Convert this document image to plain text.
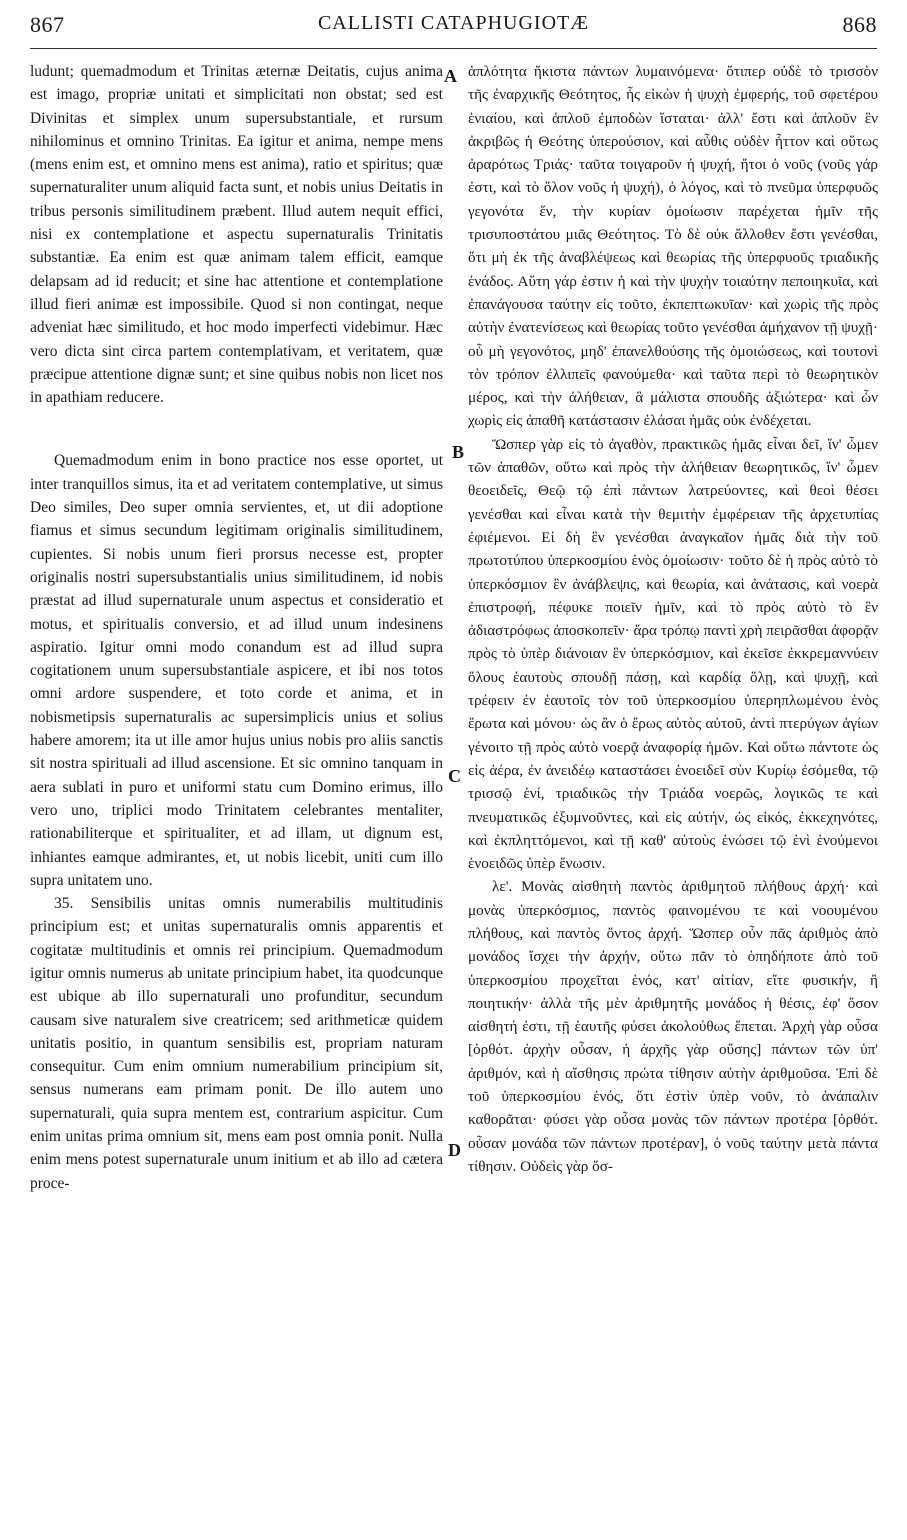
867	CALLISTI CATAPHUGIOTÆ	868

ludunt; quemadmodum et Trinitas æternæ Deitatis, cujus anima est imago, propriæ unitati et simplicitati non obstat; sed est Divinitas et simplex unum supersubstantiale, et rursum nihilominus et omnino Trinitas. Ea igitur et anima, nempe mens (mens enim est, et omnino mens est anima), ratio et spiritus; quæ supernaturaliter unum aliquid facta sunt, et nobis unius Deitatis in tribus personis similitudinem præbent. Illud autem nequit effici, nisi ex contemplatione et aspectu supernaturalis Trinitatis substantiæ. Ea enim est quæ animam talem efficit, eamque delapsam ad id reducit; et sine hac attentione et contemplatione illud fieri animæ est impossibile. Quod si non contingat, neque adveniat hæc similitudo, et hoc modo imperfecti videbimur. Hæc vero dicta sint circa partem contemplativam, et veritatem, quæ præcipue attentione dignæ sunt; et sine quibus nobis non licet nos in apathiam reducere.

Quemadmodum enim in bono practice nos esse oportet, ut inter tranquillos simus, ita et ad veritatem contemplative, ut simus Deo similes, Deo super omnia servientes, et, ut dii adoptione fiamus et simus secundum legitimam originalis similitudinem, cupientes. Si nobis unum fieri prorsus necesse est, propter originalis nostri supersubstantialis unius similitudinem, id nobis præstat ad illud supernaturale unum aspectus et consideratio et motus, et spiritualis conversio, et ad illud unum indesinens aspiratio. Igitur omni modo conandum est ad illud supra cogitationem unum supersubstantiale aspicere, et ibi nos totos omni ardore suspendere, et toto corde et anima, et in nobismetipsis supernaturalis ac supersimplicis unius et solius habere amorem; ita ut ille amor hujus unius nobis pro aliis sanctis sit nostra spirituali ad illud ascensione. Et sic omnino tanquam in aera sublati in puro et uniformi statu cum Domino erimus, illo vero uno, triplici modo Trinitatem celebrantes mentaliter, rationabiliterque et spiritualiter, et ad illam, ut dignum est, inhiantes eamque admirantes, et, ut nobis licebit, uniti cum illo supra unitatem uno.

35. Sensibilis unitas omnis numerabilis multitudinis principium est; et unitas supernaturalis omnis apparentis et cogitatæ multitudinis et omnis rei principium. Quemadmodum igitur omnis numerus ab unitate principium habet, ita quodcunque est ubique ab illo supernaturali uno profunditur, secundum causam sive naturalem sive creatricem; sed arithmeticæ quidem unitatis positio, in quantum sensibilis est, propriam naturam consequitur. Cum enim omnium numerabilium principium sit, sensus numerans eam primam ponit. De illo autem uno supernaturali, quia supra mentem est, contrarium aspicitur. Cum enim unitas prima omnium sit, mens eam post omnia ponit. Nulla enim mens potest supernaturale unum initium et ab illo ad cætera proce-

A
B
C
D

ἁπλότητα ἥκιστα πάντων λυμαινόμενα· ὅτιπερ οὐδὲ τὸ τρισσὸν τῆς ἐναρχικῆς Θεότητος, ἧς εἰκὼν ἡ ψυχὴ ἐμφερής, τοῦ σφετέρου ἑνιαίου, καὶ ἁπλοῦ ἐμποδὼν ἵσταται· ἀλλ' ἔστι καὶ ἁπλοῦν ἓν ἀκριβῶς ἡ Θεότης ὑπερούσιον, καὶ αὖθις οὐδὲν ἧττον καὶ οὕτως ἀραρότως Τριάς· ταῦτα τοιγαροῦν ἡ ψυχή, ἤτοι ὁ νοῦς (νοῦς γάρ ἐστι, καὶ τὸ ὅλον νοῦς ἡ ψυχή), ὁ λόγος, καὶ τὸ πνεῦμα ὑπερφυῶς γεγονότα ἕν, τὴν κυρίαν ὁμοίωσιν παρέχεται ἡμῖν τῆς τρισυποστάτου μιᾶς Θεότητος. Τὸ δὲ οὐκ ἄλλοθεν ἔστι γενέσθαι, ὅτι μὴ ἐκ τῆς ἀναβλέψεως καὶ θεωρίας τῆς ὑπερφυοῦς τριαδικῆς ἑνάδος. Αὕτη γάρ ἐστιν ἡ καὶ τὴν ψυχὴν τοιαύτην πεποιηκυῖα, καὶ ἐπανάγουσα ταύτην εἰς τοῦτο, ἐκπεπτωκυῖαν· καὶ χωρὶς τῆς πρὸς αὐτὴν ἐνατενίσεως καὶ θεωρίας τοῦτο γενέσθαι ἀμήχανον τῇ ψυχῇ· οὗ μὴ γεγονότος, μηδ' ἐπανελθούσης τῆς ὁμοιώσεως, καὶ τουτονὶ τὸν τρόπον ἐλλιπεῖς φανούμεθα· καὶ ταῦτα περὶ τὸ θεωρητικὸν μέρος, καὶ τὴν ἀλήθειαν, ἃ μάλιστα σπουδῆς ἀξιώτερα· καὶ ὧν χωρὶς εἰς ἀπαθῆ κατάστασιν ἐλάσαι ἡμᾶς οὐκ ἐνδέχεται.

Ὥσπερ γὰρ εἰς τὸ ἀγαθὸν, πρακτικῶς ἡμᾶς εἶναι δεῖ, ἵν' ὦμεν τῶν ἀπαθῶν, οὕτω καὶ πρὸς τὴν ἀλήθειαν θεωρητικῶς, ἵν' ὦμεν θεοειδεῖς, Θεῷ τῷ ἐπὶ πάντων λατρεύοντες, καὶ θεοὶ θέσει γενέσθαι καὶ εἶναι κατὰ τὴν θεμιτὴν ἐμφέρειαν τῆς ἀρχετυπίας ἐφιέμενοι. Εἰ δὴ ἓν γενέσθαι ἀναγκαῖον ἡμᾶς διὰ τὴν τοῦ πρωτοτύπου ὑπερκοσμίου ἑνὸς ὁμοίωσιν· τοῦτο δὲ ἡ πρὸς αὐτὸ τὸ ὑπερκόσμιον ἓν ἀνάβλεψις, καὶ θεωρία, καὶ ἀνάτασις, καὶ νοερὰ ἐπιστροφή, πέφυκε ποιεῖν ἡμῖν, καὶ τὸ πρὸς αὐτὸ τὸ ἓν ἀδιαστρόφως ἀποσκοπεῖν· ἄρα τρόπῳ παντὶ χρὴ πειρᾶσθαι ἀφορᾷν πρὸς τὸ ὑπὲρ διάνοιαν ἓν ὑπερκόσμιον, καὶ ἐκεῖσε ἐκκρεμαννύειν ὅλους ἑαυτοὺς σπουδῇ πάσῃ, καὶ καρδίᾳ ὅλῃ, καὶ ψυχῇ, καὶ τρέφειν ἐν ἑαυτοῖς τὸν τοῦ ὑπερκοσμίου ὑπερηπλωμένου ἑνὸς ἔρωτα καὶ μόνου· ὡς ἂν ὁ ἔρως αὐτὸς αὐτοῦ, ἀντὶ πτερύγων ἁγίων γένοιτο τῇ πρὸς αὐτὸ νοερᾷ ἀναφορίᾳ ἡμῶν. Καὶ οὕτω πάντοτε ὡς εἰς ἀέρα, ἐν ἀνειδέῳ καταστάσει ἑνοειδεῖ σὺν Κυρίῳ ἐσόμεθα, τῷ τρισσῷ ἑνί, τριαδικῶς τὴν Τριάδα νοερῶς, λογικῶς τε καὶ πνευματικῶς ἐξυμνοῦντες, καὶ εἰς αὐτήν, ὡς εἰκός, ἐκκεχηνότες, καὶ ἐκπληττόμενοι, καὶ τῇ καθ' αὐτοὺς ἑνώσει τῷ ἑνὶ ἑνούμενοι ἑνοειδῶς ὑπὲρ ἕνωσιν.

λε'. Μονὰς αἰσθητὴ παντὸς ἀριθμητοῦ πλήθους ἀρχή· καὶ μονὰς ὑπερκόσμιος, παντὸς φαινομένου τε καὶ νοουμένου πλήθους, καὶ παντὸς ὄντος ἀρχή. Ὥσπερ οὖν πᾶς ἀριθμὸς ἀπὸ μονάδος ἴσχει τὴν ἀρχήν, οὕτω πᾶν τὸ ὁπηδήποτε ἀπὸ τοῦ ὑπερκοσμίου προχεῖται ἑνός, κατ' αἰτίαν, εἴτε φυσικήν, ἢ ποιητικήν· ἀλλὰ τῆς μὲν ἀριθμητῆς μονάδος ἡ θέσις, ἐφ' ὅσον αἰσθητή ἐστι, τῇ ἑαυτῆς φύσει ἀκολούθως ἕπεται. Ἀρχὴ γὰρ οὖσα [ὀρθότ. ἀρχὴν οὖσαν, ἡ ἀρχῆς γὰρ οὔσης] πάντων τῶν ὑπ' ἀριθμόν, καὶ ἡ αἴσθησις πρώτα τίθησιν αὐτὴν ἀριθμοῦσα. Ἐπὶ δὲ τοῦ ὑπερκοσμίου ἑνός, ὅτι ἐστὶν ὑπὲρ νοῦν, τὸ ἀνάπαλιν καθορᾶται· φύσει γὰρ οὖσα μονὰς τῶν πάντων προτέρα [ὀρθότ. οὖσαν μονάδα τῶν πάντων προτέραν], ὁ νοῦς ταύτην μετὰ πάντα τίθησιν. Οὐδεὶς γὰρ ὅσ-
